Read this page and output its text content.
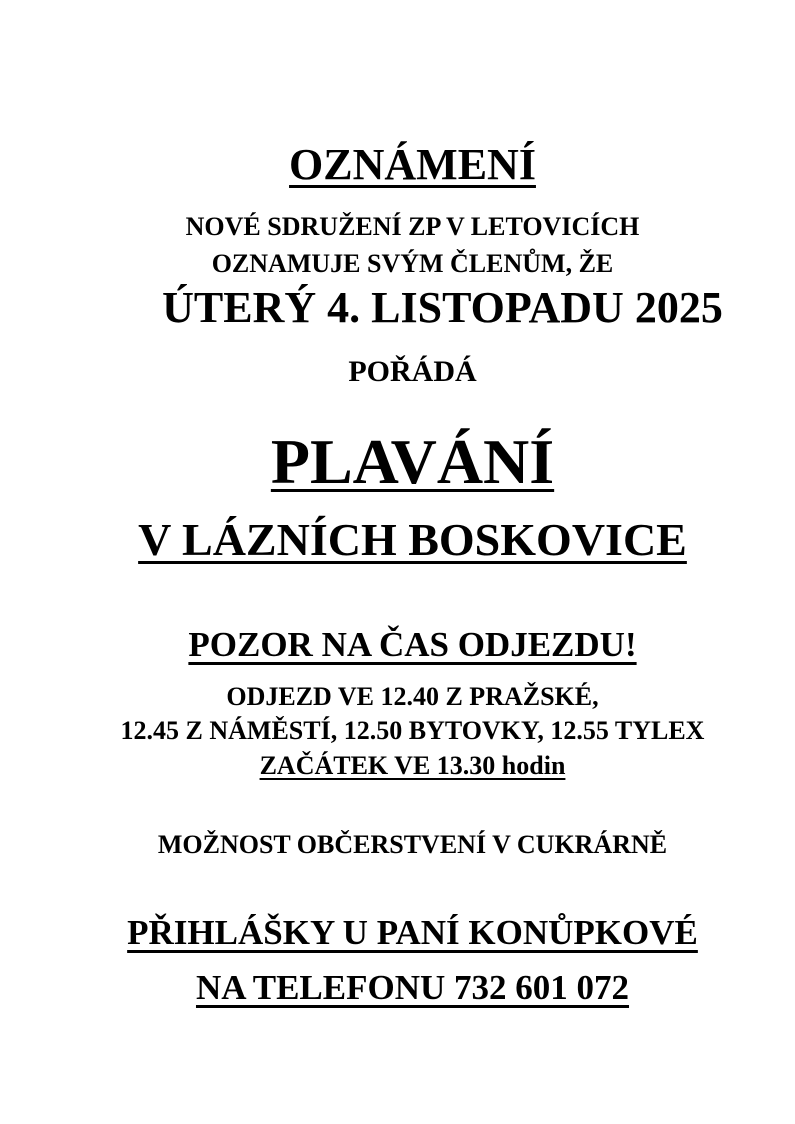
OZNÁMENÍ
NOVÉ SDRUŽENÍ ZP V LETOVICÍCH
OZNAMUJE SVÝM ČLENŮM, ŽE
ÚTERÝ 4. LISTOPADU 2025
POŘÁDÁ
PLAVÁNÍ
V LÁZNÍCH BOSKOVICE
POZOR NA ČAS ODJEZDU!
ODJEZD VE 12.40 Z PRAŽSKÉ,
12.45 Z NÁMĚSTÍ, 12.50 BYTOVKY, 12.55 TYLEX
ZAČÁTEK VE 13.30 hodin
MOŽNOST OBČERSTVENÍ V CUKRÁRNĚ
PŘIHLÁŠKY U PANÍ KONŮPKOVÉ
NA TELEFONU 732 601 072
